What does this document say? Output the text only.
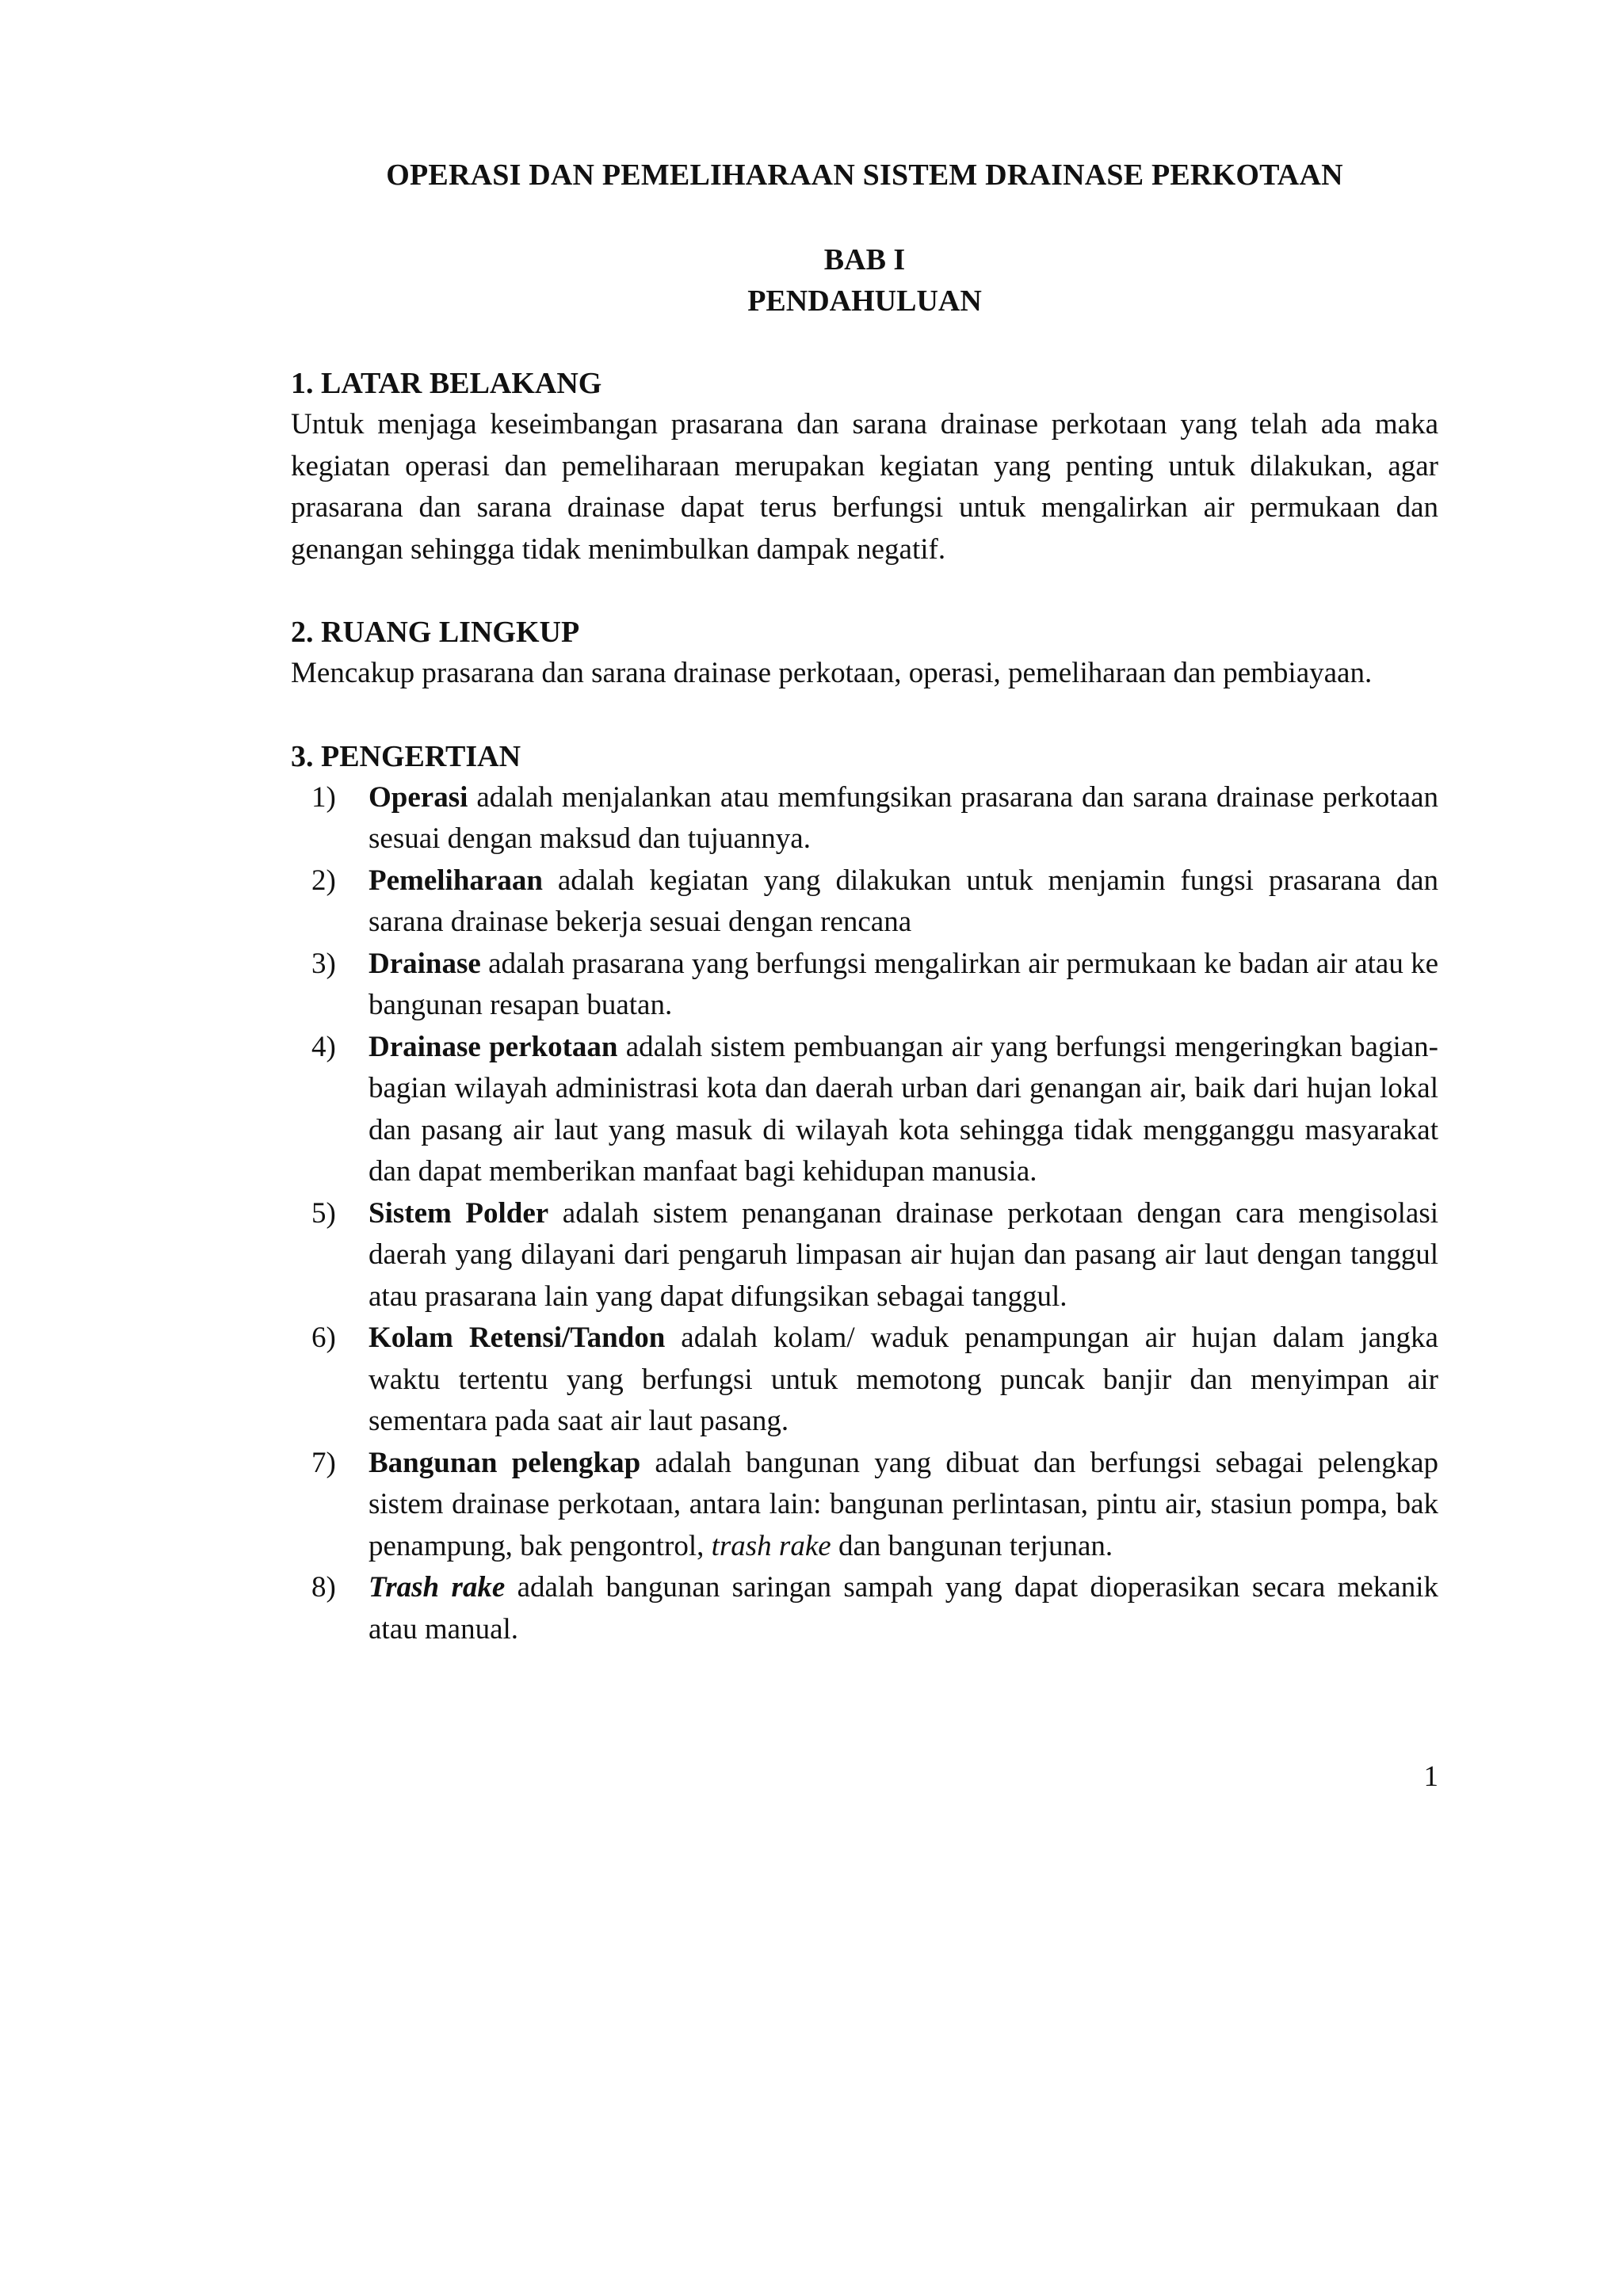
OPERASI DAN PEMELIHARAAN SISTEM DRAINASE PERKOTAAN
BAB I
PENDAHULUAN
1. LATAR BELAKANG

Untuk menjaga keseimbangan prasarana dan sarana drainase perkotaan yang telah ada maka kegiatan operasi dan pemeliharaan merupakan kegiatan yang penting untuk dilakukan, agar prasarana dan sarana drainase dapat terus berfungsi untuk mengalirkan air permukaan dan genangan sehingga tidak menimbulkan dampak negatif.

2. RUANG LINGKUP

Mencakup prasarana dan sarana drainase perkotaan, operasi, pemeliharaan dan pembiayaan.

3. PENGERTIAN
1) Operasi adalah menjalankan atau memfungsikan prasarana dan sarana drainase perkotaan sesuai dengan maksud dan tujuannya.
2) Pemeliharaan adalah kegiatan yang dilakukan untuk menjamin fungsi prasarana dan sarana drainase bekerja sesuai dengan rencana
3) Drainase adalah prasarana yang berfungsi mengalirkan air permukaan ke badan air atau ke bangunan resapan buatan.
4) Drainase perkotaan adalah sistem pembuangan air yang berfungsi mengeringkan bagian-bagian wilayah administrasi kota dan daerah urban dari genangan air, baik dari hujan lokal dan pasang air laut yang masuk di wilayah kota sehingga tidak mengganggu masyarakat dan dapat memberikan manfaat bagi kehidupan manusia.
5) Sistem Polder adalah sistem penanganan drainase perkotaan dengan cara mengisolasi daerah yang dilayani dari pengaruh limpasan air hujan dan pasang air laut dengan tanggul atau prasarana lain yang dapat difungsikan sebagai tanggul.
6) Kolam Retensi/Tandon adalah kolam/ waduk penampungan air hujan dalam jangka waktu tertentu yang berfungsi untuk memotong puncak banjir dan menyimpan air sementara pada saat air laut pasang.
7) Bangunan pelengkap adalah bangunan yang dibuat dan berfungsi sebagai pelengkap sistem drainase perkotaan, antara lain: bangunan perlintasan, pintu air, stasiun pompa, bak penampung, bak pengontrol, trash rake dan bangunan terjunan.
8) Trash rake adalah bangunan saringan sampah yang dapat dioperasikan secara mekanik atau manual.
1
